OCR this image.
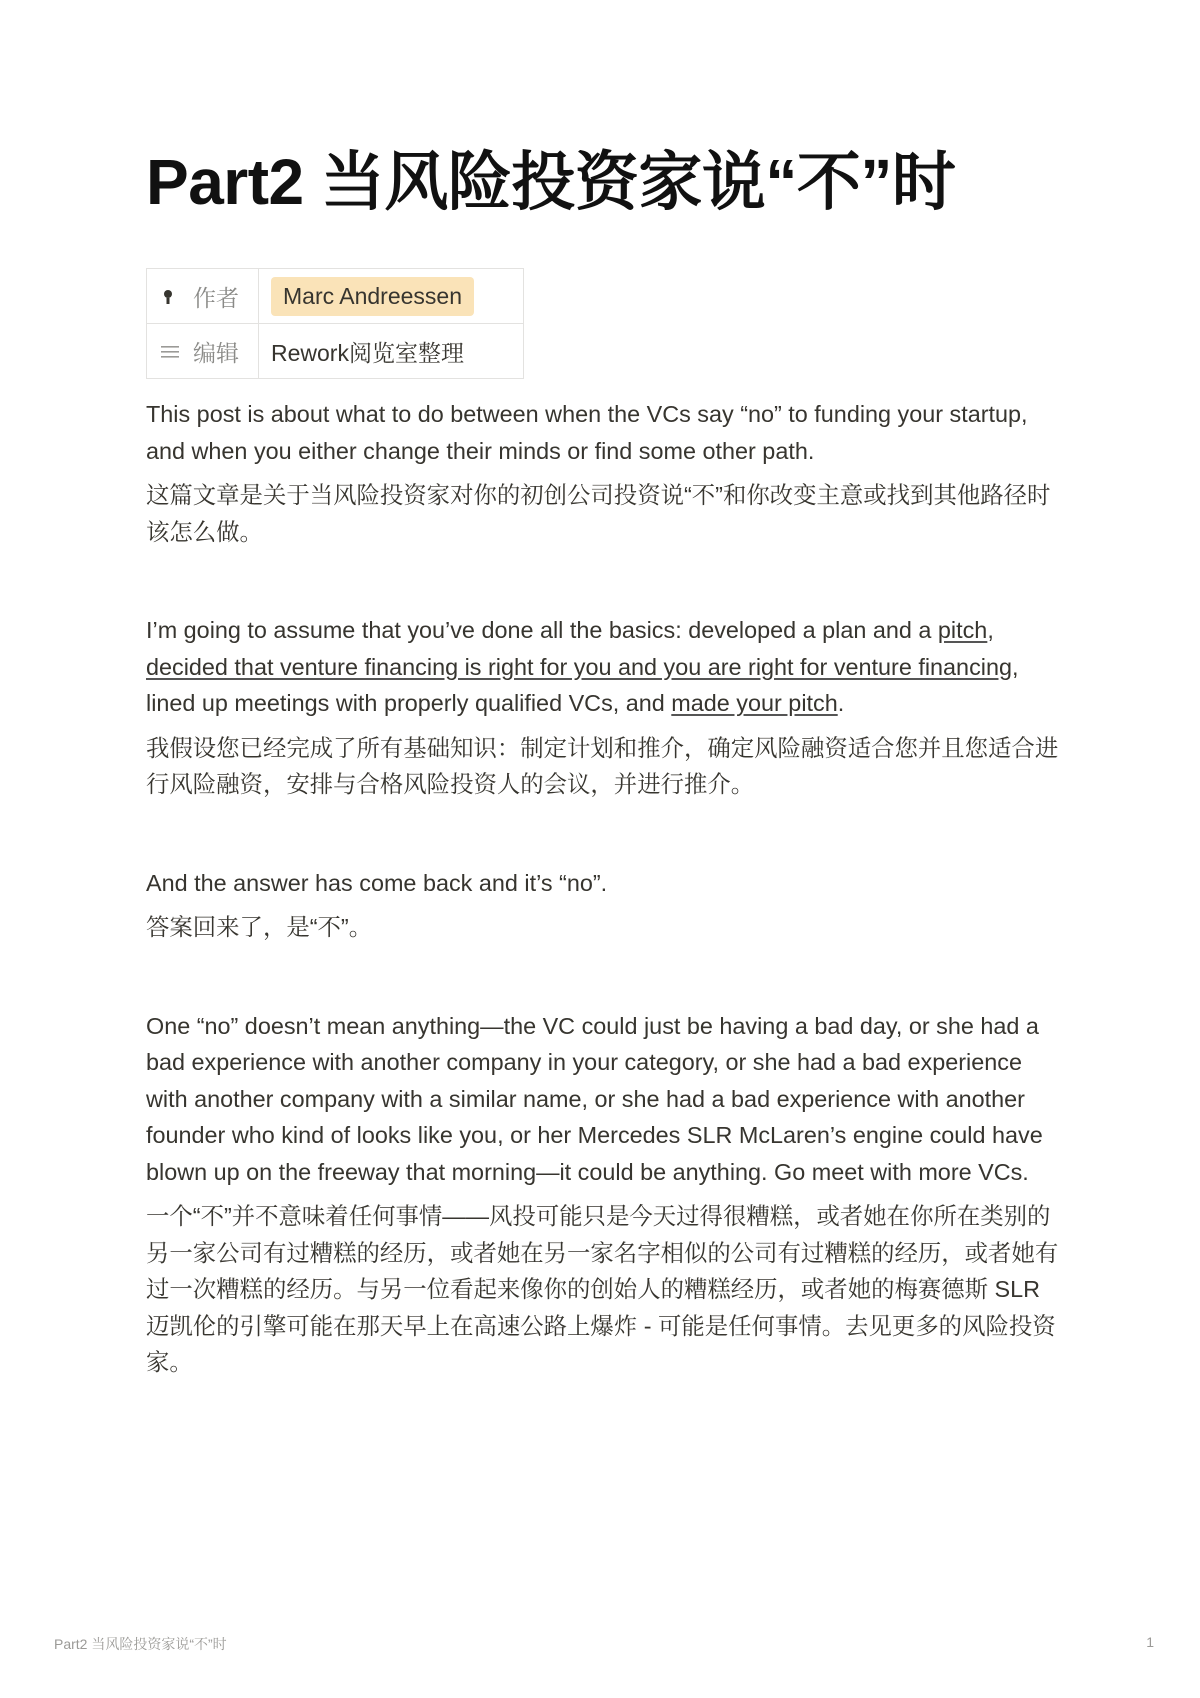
Part2 当风险投资家说“不”时
作者	Marc Andreessen
编辑	Rework阅览室整理

This post is about what to do between when the VCs say “no” to funding your startup, and when you either change their minds or find some other path.

这篇文章是关于当风险投资家对你的初创公司投资说“不”和你改变主意或找到其他路径时该怎么做。

I’m going to assume that you’ve done all the basics: developed a plan and a pitch, decided that venture financing is right for you and you are right for venture financing, lined up meetings with properly qualified VCs, and made your pitch.

我假设您已经完成了所有基础知识：制定计划和推介，确定风险融资适合您并且您适合进行风险融资，安排与合格风险投资人的会议，并进行推介。

And the answer has come back and it’s “no”.

答案回来了，是“不”。

One “no” doesn’t mean anything—the VC could just be having a bad day, or she had a bad experience with another company in your category, or she had a bad experience with another company with a similar name, or she had a bad experience with another founder who kind of looks like you, or her Mercedes SLR McLaren’s engine could have blown up on the freeway that morning—it could be anything. Go meet with more VCs.

一个“不”并不意味着任何事情——风投可能只是今天过得很糟糕，或者她在你所在类别的另一家公司有过糟糕的经历，或者她在另一家名字相似的公司有过糟糕的经历，或者她有过一次糟糕的经历。与另一位看起来像你的创始人的糟糕经历，或者她的梅赛德斯 SLR 迈凯伦的引擎可能在那天早上在高速公路上爆炸 - 可能是任何事情。去见更多的风险投资家。

Part2 当风险投资家说“不”时	1
